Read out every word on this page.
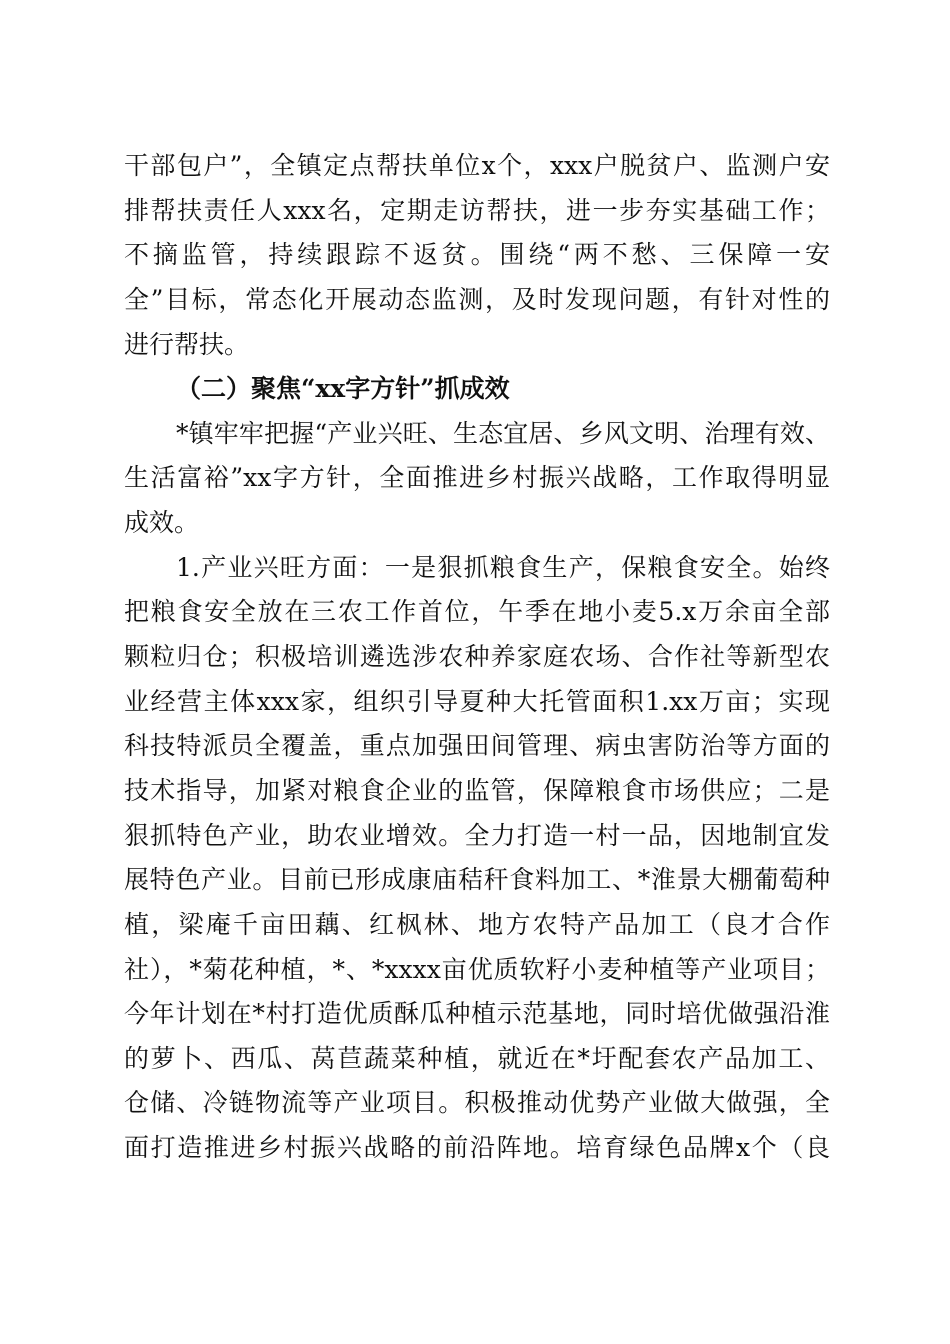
干部包户”，全镇定点帮扶单位x个，xxx户脱贫户、监测户安
排帮扶责任人xxx名，定期走访帮扶，进一步夯实基础工作；
不摘监管，持续跟踪不返贫。围绕“两不愁、三保障一安
全”目标，常态化开展动态监测，及时发现问题，有针对性的
进行帮扶。
（二）聚焦“xx字方针”抓成效
*镇牢牢把握“产业兴旺、生态宜居、乡风文明、治理有效、
生活富裕”xx字方针，全面推进乡村振兴战略，工作取得明显
成效。
1.产业兴旺方面：一是狠抓粮食生产，保粮食安全。始终
把粮食安全放在三农工作首位，午季在地小麦5.x万余亩全部
颗粒归仓；积极培训遴选涉农种养家庭农场、合作社等新型农
业经营主体xxx家，组织引导夏种大托管面积1.xx万亩；实现
科技特派员全覆盖，重点加强田间管理、病虫害防治等方面的
技术指导，加紧对粮食企业的监管，保障粮食市场供应；二是
狠抓特色产业，助农业增效。全力打造一村一品，因地制宜发
展特色产业。目前已形成康庙秸秆食料加工、*淮景大棚葡萄种
植，梁庵千亩田藕、红枫林、地方农特产品加工（良才合作
社），*菊花种植，*、*xxxx亩优质软籽小麦种植等产业项目；
今年计划在*村打造优质酥瓜种植示范基地，同时培优做强沿淮
的萝卜、西瓜、莴苣蔬菜种植，就近在*圩配套农产品加工、
仓储、冷链物流等产业项目。积极推动优势产业做大做强，全
面打造推进乡村振兴战略的前沿阵地。培育绿色品牌x个（良
